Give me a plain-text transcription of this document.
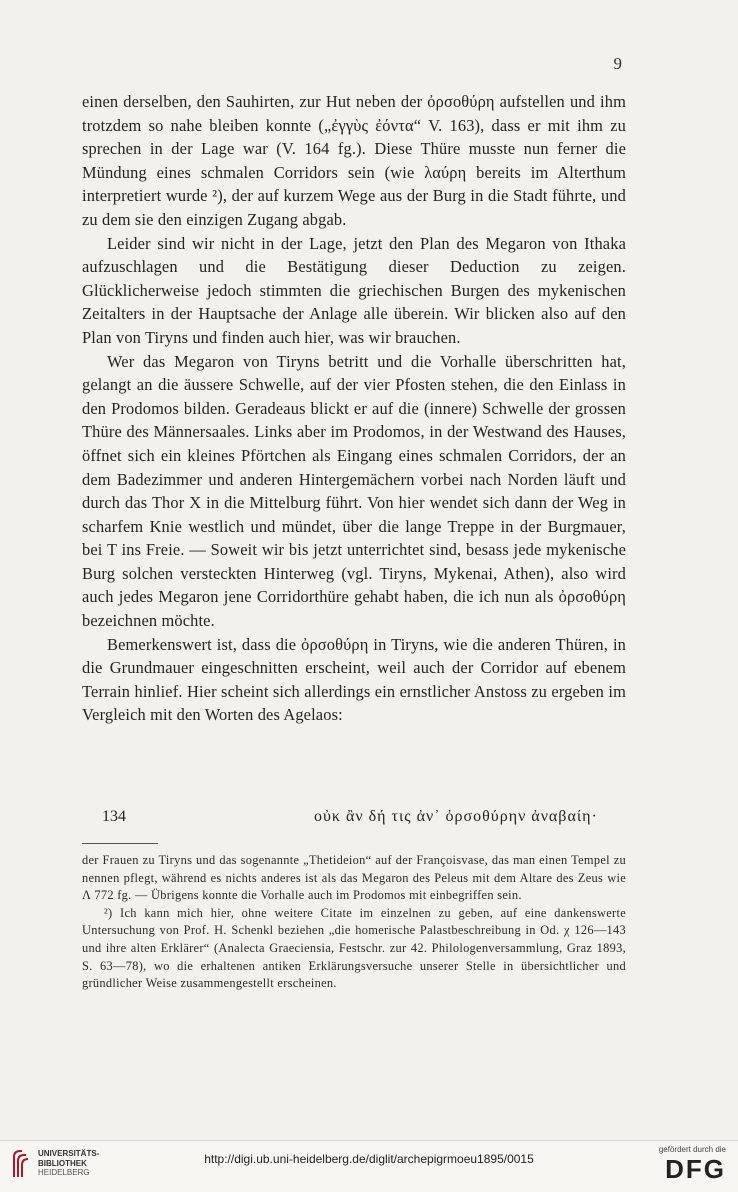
9

einen derselben, den Sauhirten, zur Hut neben der ὀρσοθύρη aufstellen und ihm trotzdem so nahe bleiben konnte („ἐγγὺς ἐόντα“ V. 163), dass er mit ihm zu sprechen in der Lage war (V. 164 fg.). Diese Thüre musste nun ferner die Mündung eines schmalen Corridors sein (wie λαύρη bereits im Alterthum interpretiert wurde ²), der auf kurzem Wege aus der Burg in die Stadt führte, und zu dem sie den einzigen Zugang abgab.

Leider sind wir nicht in der Lage, jetzt den Plan des Megaron von Ithaka aufzuschlagen und die Bestätigung dieser Deduction zu zeigen. Glücklicherweise jedoch stimmten die griechischen Burgen des mykenischen Zeitalters in der Hauptsache der Anlage alle überein. Wir blicken also auf den Plan von Tiryns und finden auch hier, was wir brauchen.

Wer das Megaron von Tiryns betritt und die Vorhalle überschritten hat, gelangt an die äussere Schwelle, auf der vier Pfosten stehen, die den Einlass in den Prodomos bilden. Geradeaus blickt er auf die (innere) Schwelle der grossen Thüre des Männersaales. Links aber im Prodomos, in der Westwand des Hauses, öffnet sich ein kleines Pförtchen als Eingang eines schmalen Corridors, der an dem Badezimmer und anderen Hintergemächern vorbei nach Norden läuft und durch das Thor X in die Mittelburg führt. Von hier wendet sich dann der Weg in scharfem Knie westlich und mündet, über die lange Treppe in der Burgmauer, bei T ins Freie. — Soweit wir bis jetzt unterrichtet sind, besass jede mykenische Burg solchen versteckten Hinterweg (vgl. Tiryns, Mykenai, Athen), also wird auch jedes Megaron jene Corridorthüre gehabt haben, die ich nun als ὀρσοθύρη bezeichnen möchte.

Bemerkenswert ist, dass die ὀρσοθύρη in Tiryns, wie die anderen Thüren, in die Grundmauer eingeschnitten erscheint, weil auch der Corridor auf ebenem Terrain hinlief. Hier scheint sich allerdings ein ernstlicher Anstoss zu ergeben im Vergleich mit den Worten des Agelaos:

134	οὐκ ἂν δή τις ἀν᾽ ὀρσοθύρην ἀναβαίη·

der Frauen zu Tiryns und das sogenannte „Thetideion“ auf der Françoisvase, das man einen Tempel zu nennen pflegt, während es nichts anderes ist als das Megaron des Peleus mit dem Altare des Zeus wie Λ 772 fg. — Übrigens konnte die Vorhalle auch im Prodomos mit einbegriffen sein.

²) Ich kann mich hier, ohne weitere Citate im einzelnen zu geben, auf eine dankenswerte Untersuchung von Prof. H. Schenkl beziehen „die homerische Palastbeschreibung in Od. χ 126—143 und ihre alten Erklärer“ (Analecta Graeciensia, Festschr. zur 42. Philologenversammlung, Graz 1893, S. 63—78), wo die erhaltenen antiken Erklärungsversuche unserer Stelle in übersichtlicher und gründlicher Weise zusammengestellt erscheinen.

UNIVERSITÄTS-
BIBLIOTHEK
HEIDELBERG
http://digi.ub.uni-heidelberg.de/diglit/archepigrmoeu1895/0015
gefördert durch die
DFG
